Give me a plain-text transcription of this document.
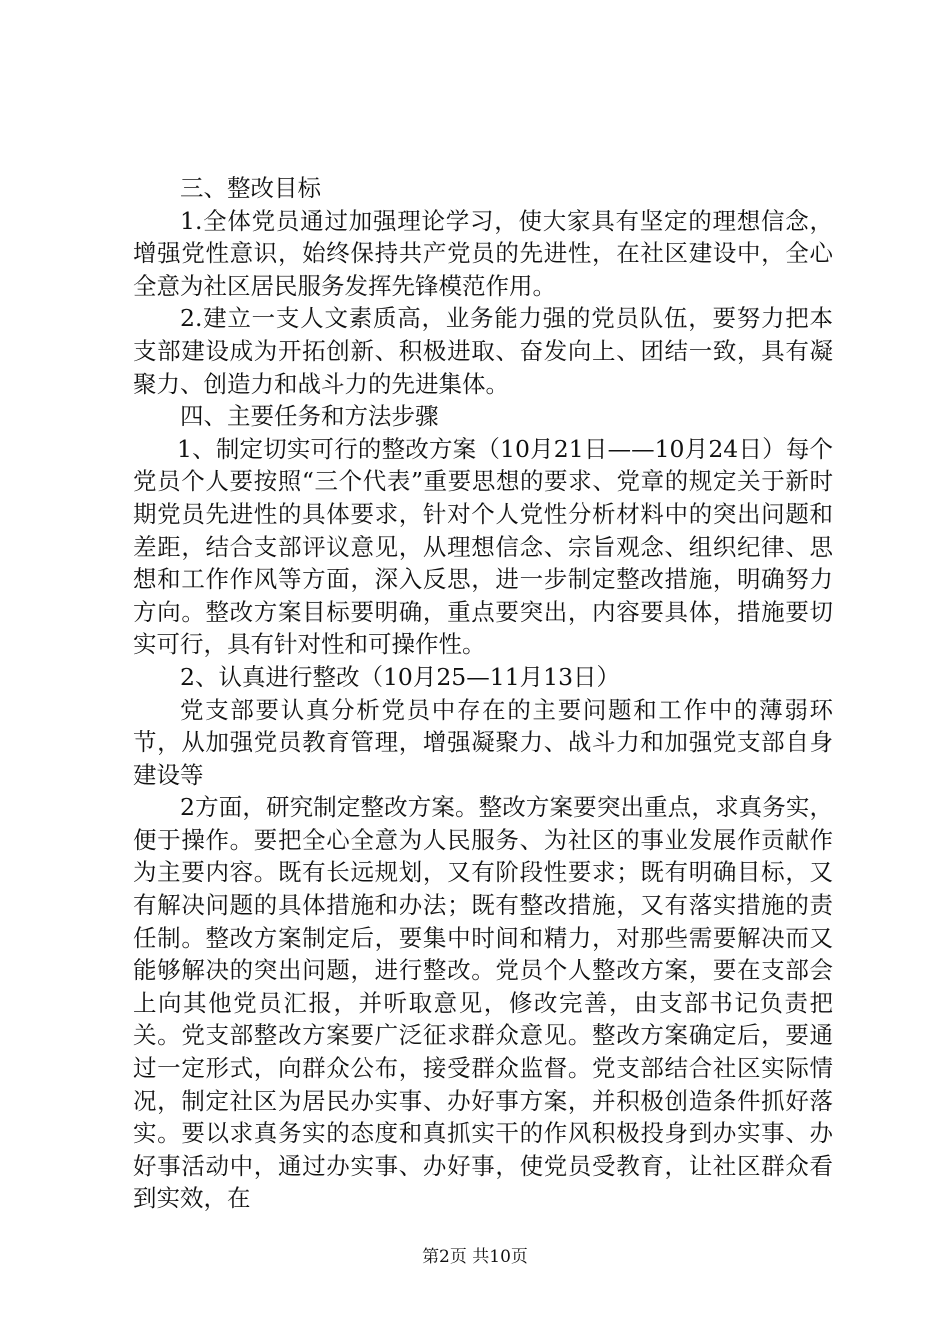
三、整改目标

1.全体党员通过加强理论学习，使大家具有坚定的理想信念，增强党性意识，始终保持共产党员的先进性，在社区建设中，全心全意为社区居民服务发挥先锋模范作用。

2.建立一支人文素质高，业务能力强的党员队伍，要努力把本支部建设成为开拓创新、积极进取、奋发向上、团结一致，具有凝聚力、创造力和战斗力的先进集体。

四、主要任务和方法步骤

1、制定切实可行的整改方案（10月21日——10月24日）每个党员个人要按照“三个代表”重要思想的要求、党章的规定关于新时期党员先进性的具体要求，针对个人党性分析材料中的突出问题和差距，结合支部评议意见，从理想信念、宗旨观念、组织纪律、思想和工作作风等方面，深入反思，进一步制定整改措施，明确努力方向。整改方案目标要明确，重点要突出，内容要具体，措施要切实可行，具有针对性和可操作性。

2、认真进行整改（10月25—11月13日）

党支部要认真分析党员中存在的主要问题和工作中的薄弱环节，从加强党员教育管理，增强凝聚力、战斗力和加强党支部自身建设等

2方面，研究制定整改方案。整改方案要突出重点，求真务实，便于操作。要把全心全意为人民服务、为社区的事业发展作贡献作为主要内容。既有长远规划，又有阶段性要求；既有明确目标，又有解决问题的具体措施和办法；既有整改措施，又有落实措施的责任制。整改方案制定后，要集中时间和精力，对那些需要解决而又能够解决的突出问题，进行整改。党员个人整改方案，要在支部会上向其他党员汇报，并听取意见，修改完善，由支部书记负责把关。党支部整改方案要广泛征求群众意见。整改方案确定后，要通过一定形式，向群众公布，接受群众监督。党支部结合社区实际情况，制定社区为居民办实事、办好事方案，并积极创造条件抓好落实。要以求真务实的态度和真抓实干的作风积极投身到办实事、办好事活动中，通过办实事、办好事，使党员受教育，让社区群众看到实效，在

第2页 共10页
